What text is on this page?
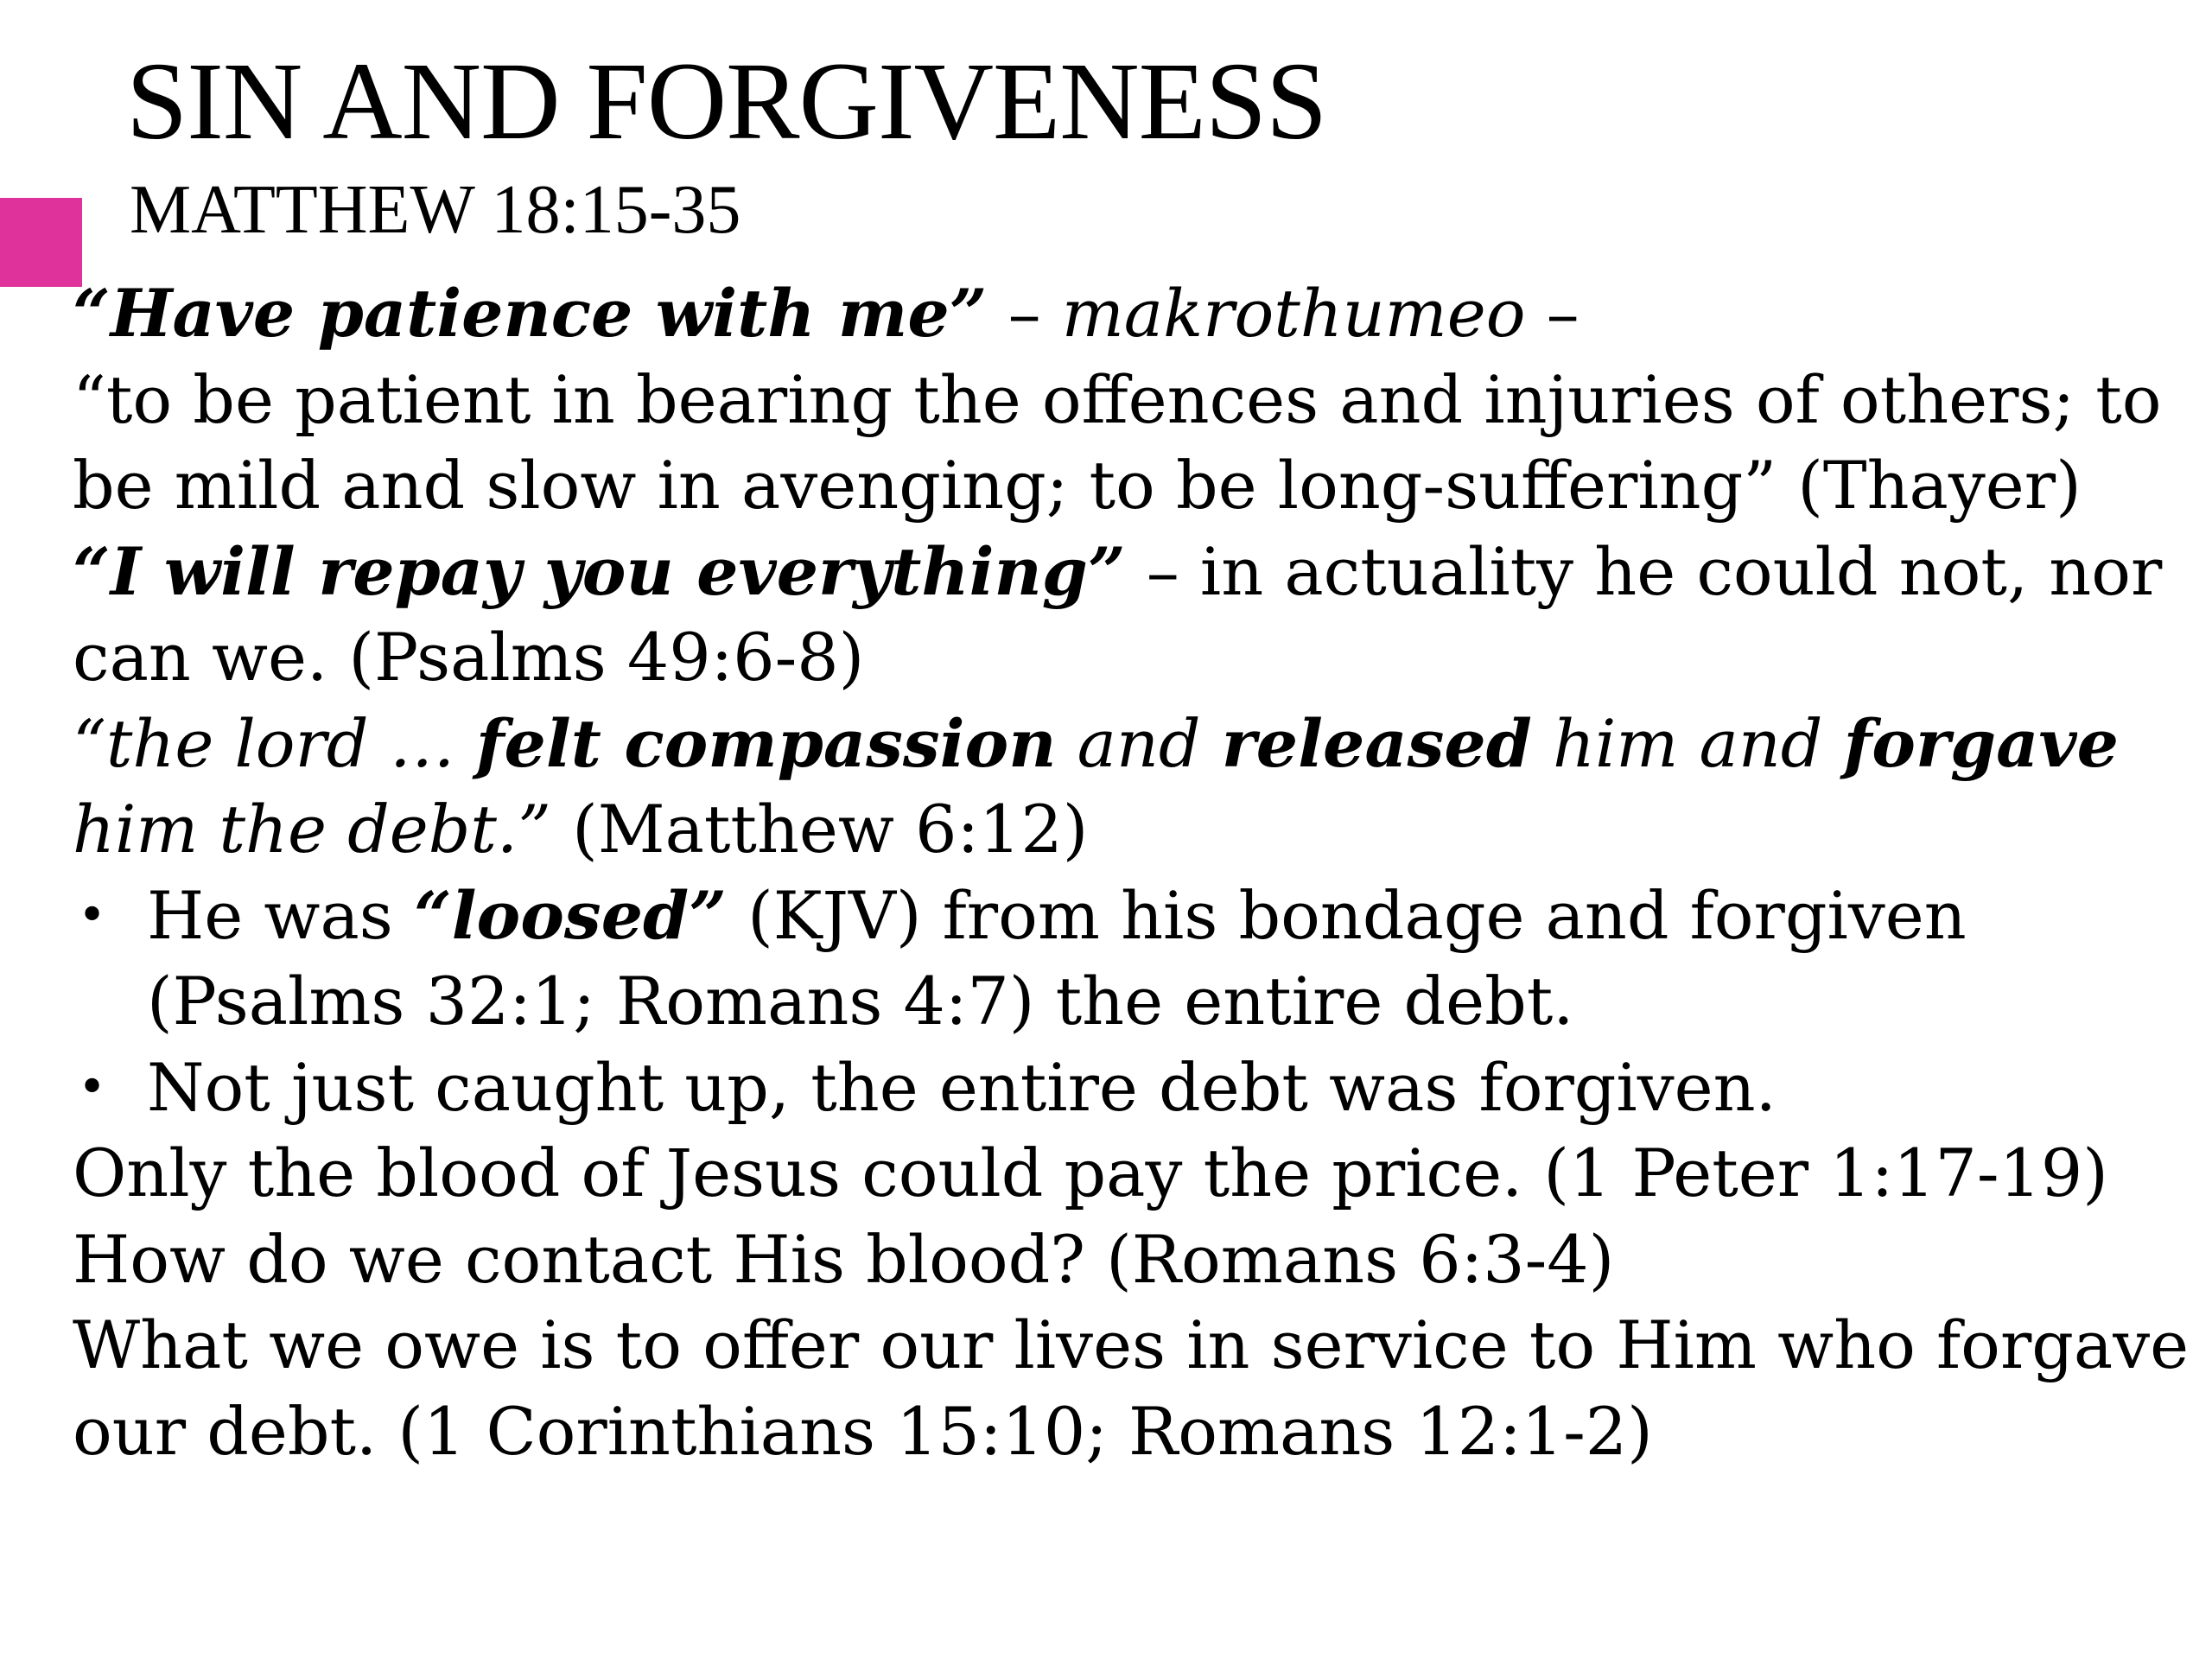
SIN AND FORGIVENESS
MATTHEW 18:15-35

“Have patience with me” – makrothumeo –

“to be patient in bearing the offences and injuries of others; to be mild and slow in avenging; to be long-suffering” (Thayer)

“I will repay you everything” – in actuality he could not, nor can we. (Psalms 49:6-8)

“the lord … felt compassion and released him and forgave him the debt.” (Matthew 6:12)

• He was “loosed” (KJV) from his bondage and forgiven (Psalms 32:1; Romans 4:7) the entire debt.
• Not just caught up, the entire debt was forgiven.

Only the blood of Jesus could pay the price. (1 Peter 1:17-19)

How do we contact His blood? (Romans 6:3-4)

What we owe is to offer our lives in service to Him who forgave our debt. (1 Corinthians 15:10; Romans 12:1-2)
